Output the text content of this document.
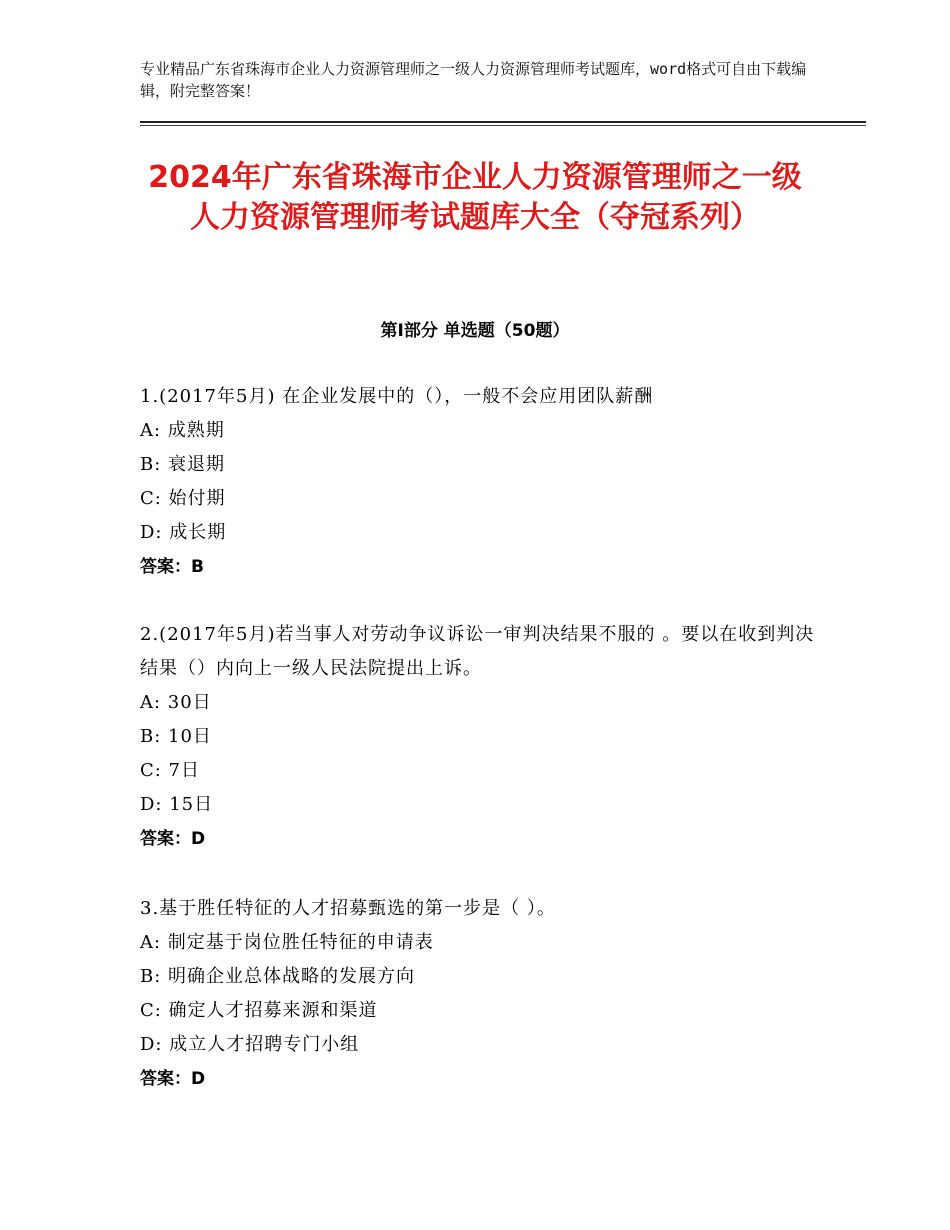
专业精品广东省珠海市企业人力资源管理师之一级人力资源管理师考试题库，word格式可自由下载编辑，附完整答案！
2024年广东省珠海市企业人力资源管理师之一级人力资源管理师考试题库大全（夺冠系列）
第Ⅰ部分 单选题（50题）
1.(2017年5月) 在企业发展中的（），一般不会应用团队薪酬
A: 成熟期
B: 衰退期
C: 始付期
D: 成长期
答案：B
2.(2017年5月)若当事人对劳动争议诉讼一审判决结果不服的 。要以在收到判决结果（）内向上一级人民法院提出上诉。
A: 30日
B: 10日
C: 7日
D: 15日
答案：D
3.基于胜任特征的人才招募甄选的第一步是（ ）。
A: 制定基于岗位胜任特征的申请表
B: 明确企业总体战略的发展方向
C: 确定人才招募来源和渠道
D: 成立人才招聘专门小组
答案：D
